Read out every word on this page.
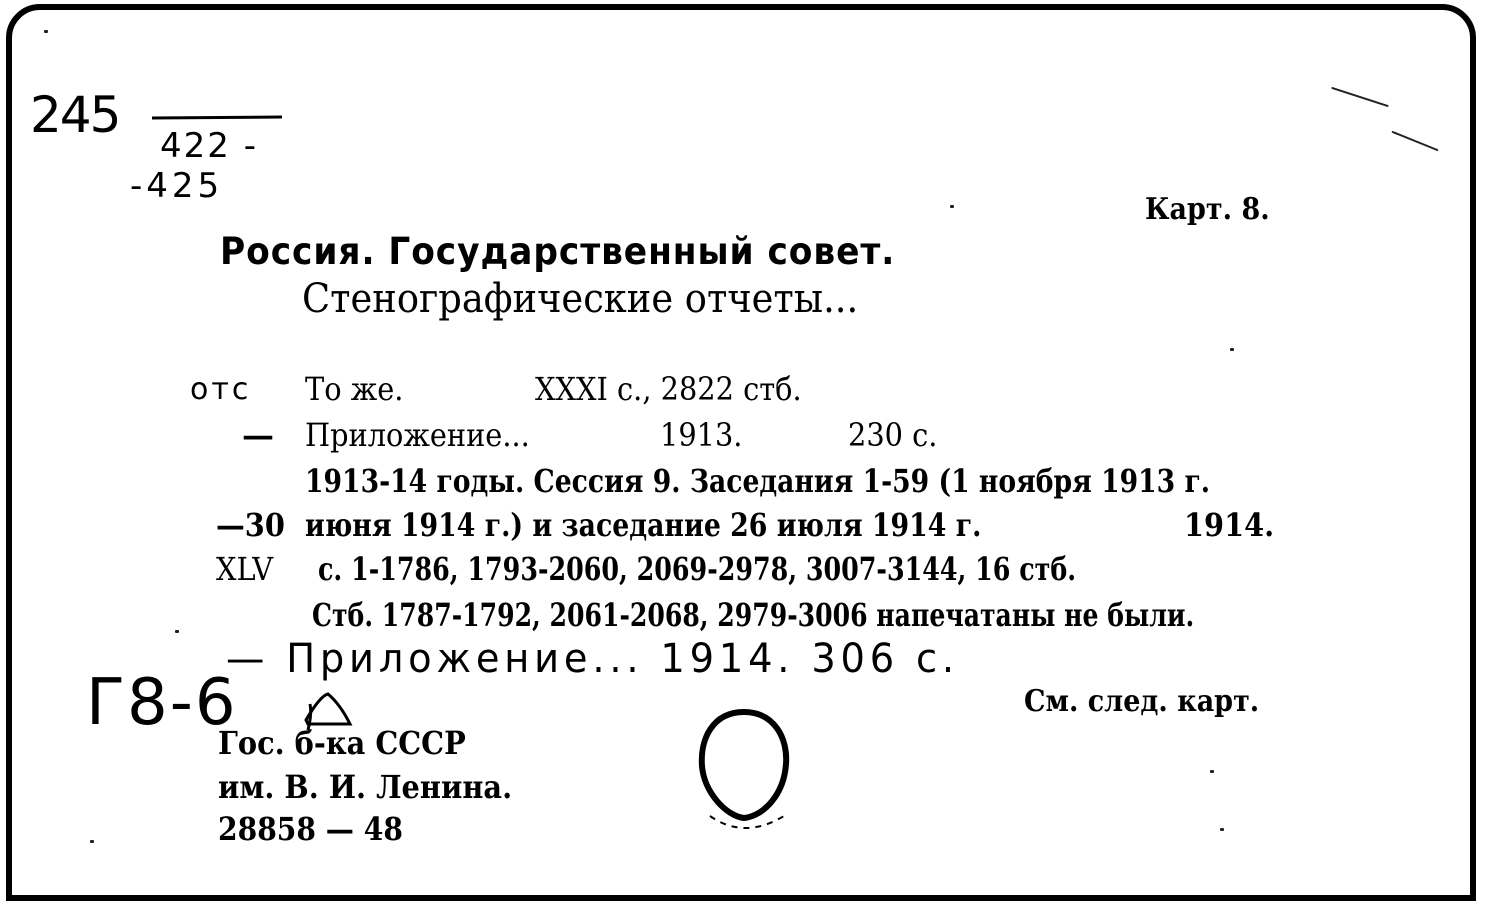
245
422 -
-425
Карт. 8.
Россия. Государственный совет.
Стенографические отчеты...
отс То же.	XXXI с., 2822 стб.
— Приложение...	1913.	230 с.
1913-14 годы. Сессия 9. Заседания 1-59 (1 ноября 1913 г.
—30 июня 1914 г.) и заседание 26 июля 1914 г.	1914.
XLV с. 1-1786, 1793-2060, 2069-2978, 3007-3144, 16 стб.
Стб. 1787-1792, 2061-2068, 2979-3006 напечатаны не были.
— Приложение... 1914. 306 с.
Г8-6	См. след. карт.
Гос. б-ка СССР
им. В. И. Ленина.
28858 — 48
